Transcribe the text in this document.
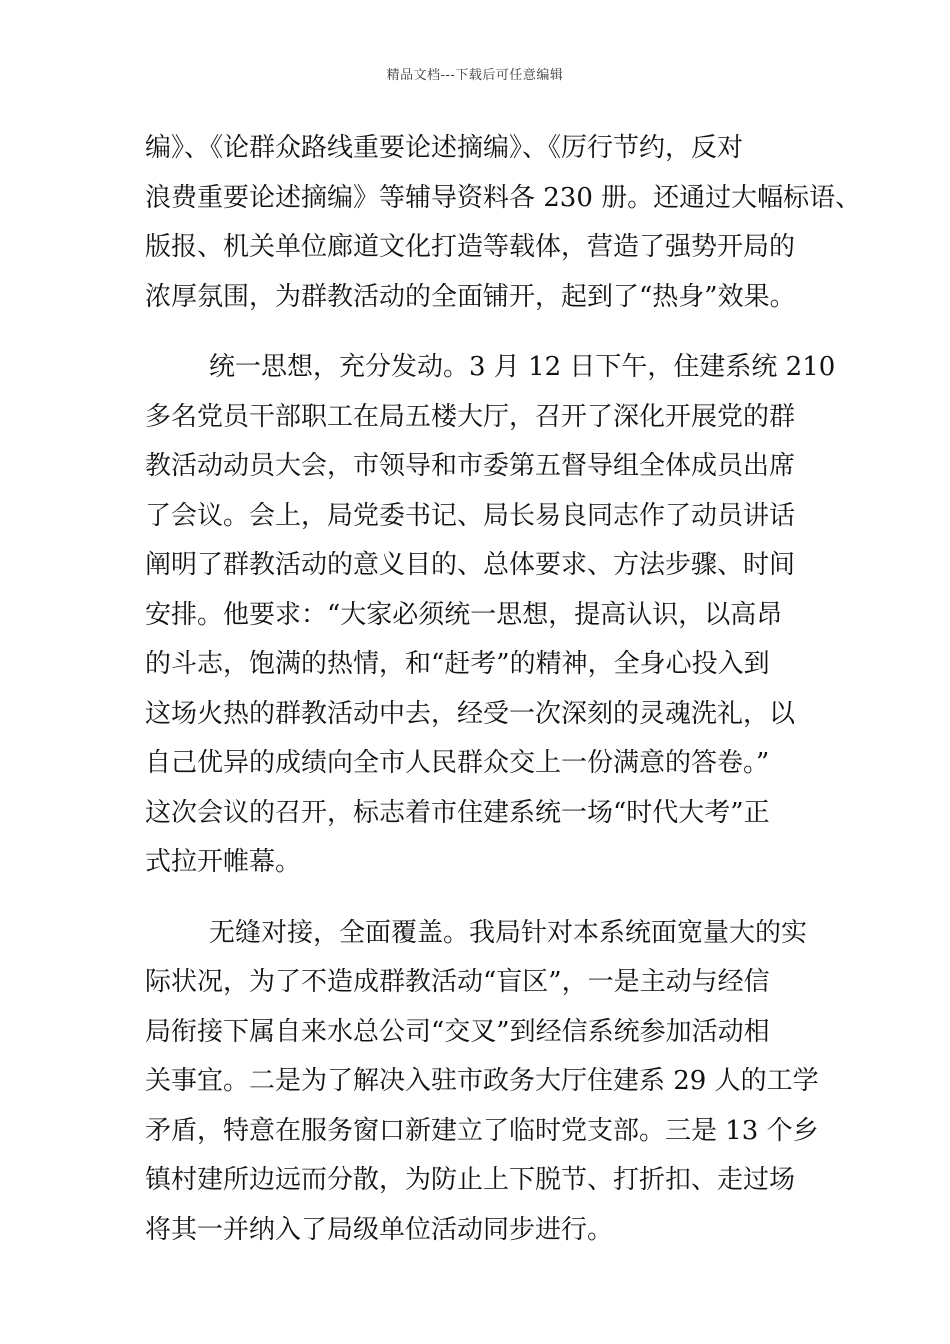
精品文档---下载后可任意编辑
编》、《论群众路线重要论述摘编》、《厉行节约，反对
浪费重要论述摘编》等辅导资料各 230 册。还通过大幅标语、
版报、机关单位廊道文化打造等载体，营造了强势开局的
浓厚氛围，为群教活动的全面铺开，起到了“热身”效果。
统一思想，充分发动。3 月 12 日下午，住建系统 210
多名党员干部职工在局五楼大厅，召开了深化开展党的群
教活动动员大会，市领导和市委第五督导组全体成员出席
了会议。会上，局党委书记、局长易良同志作了动员讲话
阐明了群教活动的意义目的、总体要求、方法步骤、时间
安排。他要求：“大家必须统一思想，提高认识，以高昂
的斗志，饱满的热情，和“赶考”的精神，全身心投入到
这场火热的群教活动中去，经受一次深刻的灵魂洗礼，以
自己优异的成绩向全市人民群众交上一份满意的答卷。”
这次会议的召开，标志着市住建系统一场“时代大考”正
式拉开帷幕。
无缝对接，全面覆盖。我局针对本系统面宽量大的实
际状况，为了不造成群教活动“盲区”，一是主动与经信
局衔接下属自来水总公司“交叉”到经信系统参加活动相
关事宜。二是为了解决入驻市政务大厅住建系 29 人的工学
矛盾，特意在服务窗口新建立了临时党支部。三是 13 个乡
镇村建所边远而分散，为防止上下脱节、打折扣、走过场
将其一并纳入了局级单位活动同步进行。
